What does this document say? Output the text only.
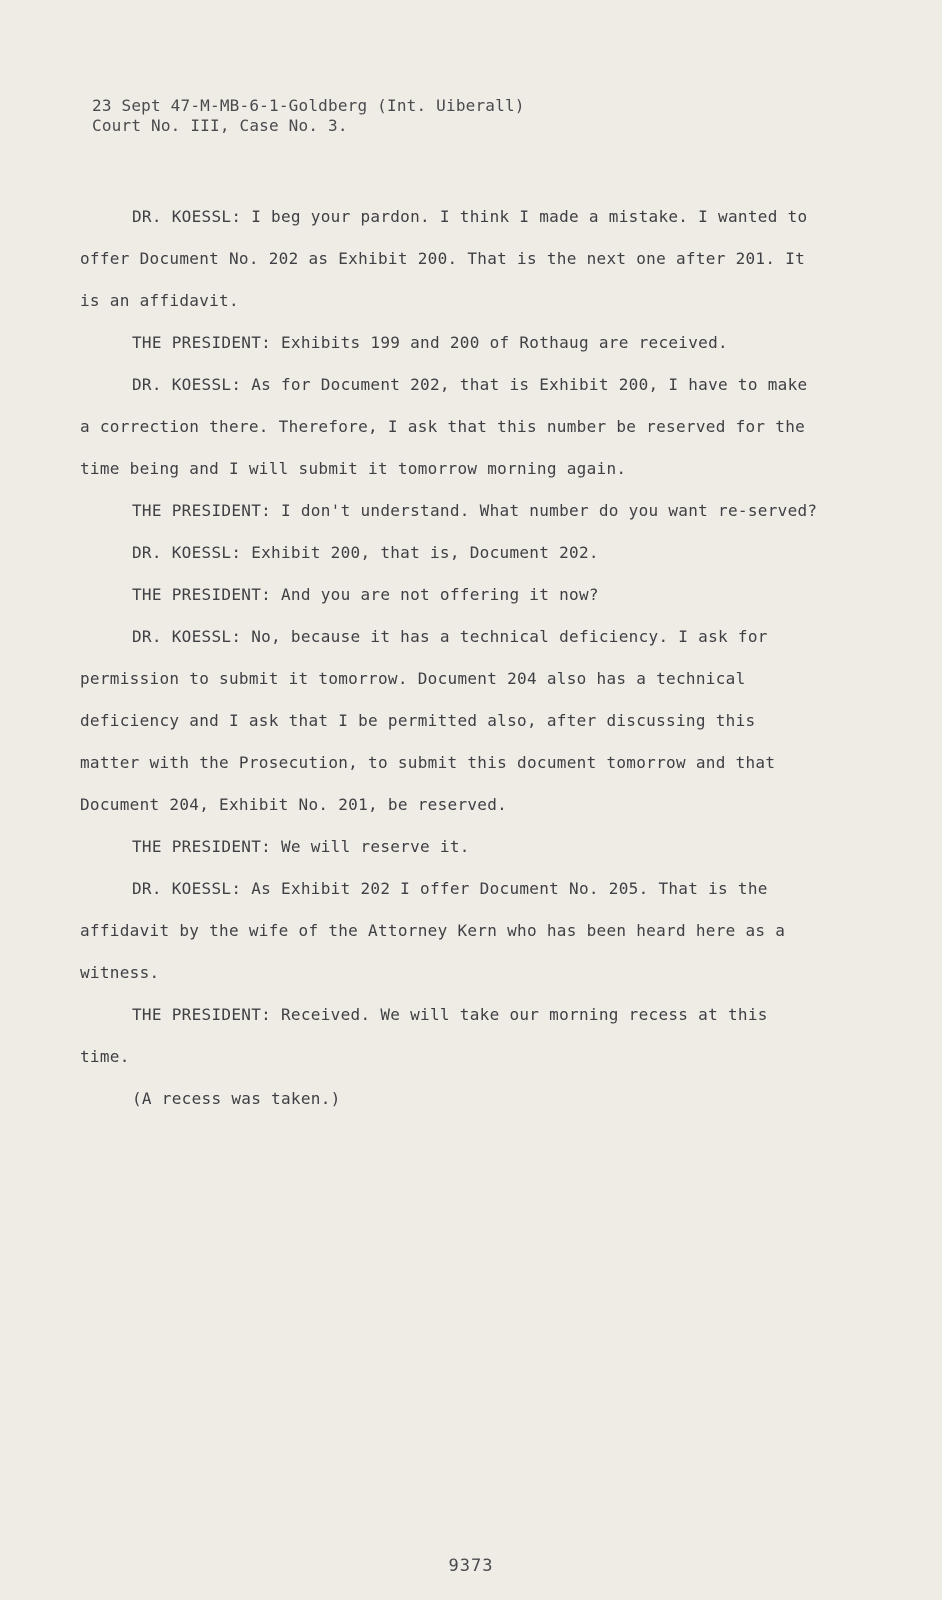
23 Sept 47-M-MB-6-1-Goldberg (Int. Uiberall)
Court No. III, Case No. 3.

DR. KOESSL: I beg your pardon. I think I made a mistake. I wanted to offer Document No. 202 as Exhibit 200. That is the next one after 201. It is an affidavit.

THE PRESIDENT: Exhibits 199 and 200 of Rothaug are received.

DR. KOESSL: As for Document 202, that is Exhibit 200, I have to make a correction there. Therefore, I ask that this number be reserved for the time being and I will submit it tomorrow morning again.

THE PRESIDENT: I don't understand. What number do you want re-served?

DR. KOESSL: Exhibit 200, that is, Document 202.

THE PRESIDENT: And you are not offering it now?

DR. KOESSL: No, because it has a technical deficiency. I ask for permission to submit it tomorrow. Document 204 also has a technical deficiency and I ask that I be permitted also, after discussing this matter with the Prosecution, to submit this document tomorrow and that Document 204, Exhibit No. 201, be reserved.

THE PRESIDENT: We will reserve it.

DR. KOESSL: As Exhibit 202 I offer Document No. 205. That is the affidavit by the wife of the Attorney Kern who has been heard here as a witness.

THE PRESIDENT: Received. We will take our morning recess at this time.

(A recess was taken.)

9373
